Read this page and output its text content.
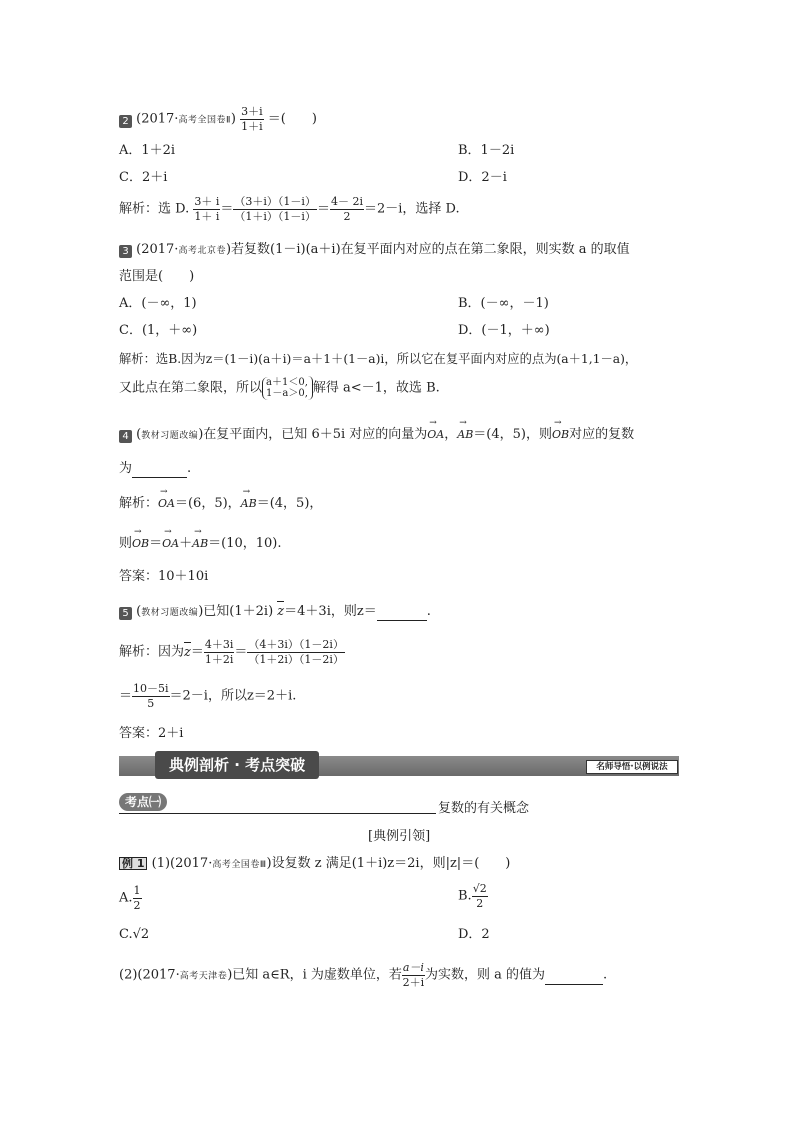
2 (2017·高考全国卷Ⅱ) $\frac{3+i}{1+i}$ ＝(　　)
A．1＋2i	B．1－2i
C．2＋i	D．2－i
解析：选 D. $\frac{3+ i}{1+ i} = \frac{(3+i)(1-i)}{(1+i)(1-i)} = \frac{4- 2i}{2} =2-i$，选择 D.
3 (2017·高考北京卷)若复数(1－i)(a＋i)在复平面内对应的点在第二象限，则实数 a 的取值
范围是(　　)
A．(－∞，1)	B．(－∞，－1)
C．(1，＋∞)	D．(－1，＋∞)
解析：选B.因为z＝(1－i)(a＋i)＝a＋1＋(1－a)i，所以它在复平面内对应的点为(a＋1,1－a)，
又此点在第二象限，所以 a＋1＜0,
1－a＞0, 解得 a<－1，故选 B.
4 (教材习题改编)在复平面内，已知 6＋5i 对应的向量为→ OA，→ AB＝(4，5)，则→ OB对应的复数
为	.
解析：→ OA＝(6，5)，→ AB＝(4，5)，
则→ OB＝→ OA＋→ AB＝(10，10).
答案：10＋10i
5 (教材习题改编)已知(1＋2i) z＝4＋3i，则z＝	.
解析：因为$z= \frac{4+3i}{1+2i} = \frac{(4+3i)(1-2i)}{(1+2i)(1-2i)}$
＝ $\frac{10-5i}{5} =2-i$，所以z＝2＋i.
答案：2＋i
典例剖析 · 考点突破	名师导悟·以例说法
考点㈠	复数的有关概念
[典例引领]
例 1 (1)(2017·高考全国卷Ⅲ)设复数 z 满足(1＋i)z＝2i，则|z|＝(　　)
A. $\frac{1}{2}$	B. $\frac{√2}{2}$
C.√2	D．2
(2)(2017·高考天津卷)已知 a∈R，i 为虚数单位，若 $\frac{a-i}{2+i}$ 为实数，则 a 的值为	.
